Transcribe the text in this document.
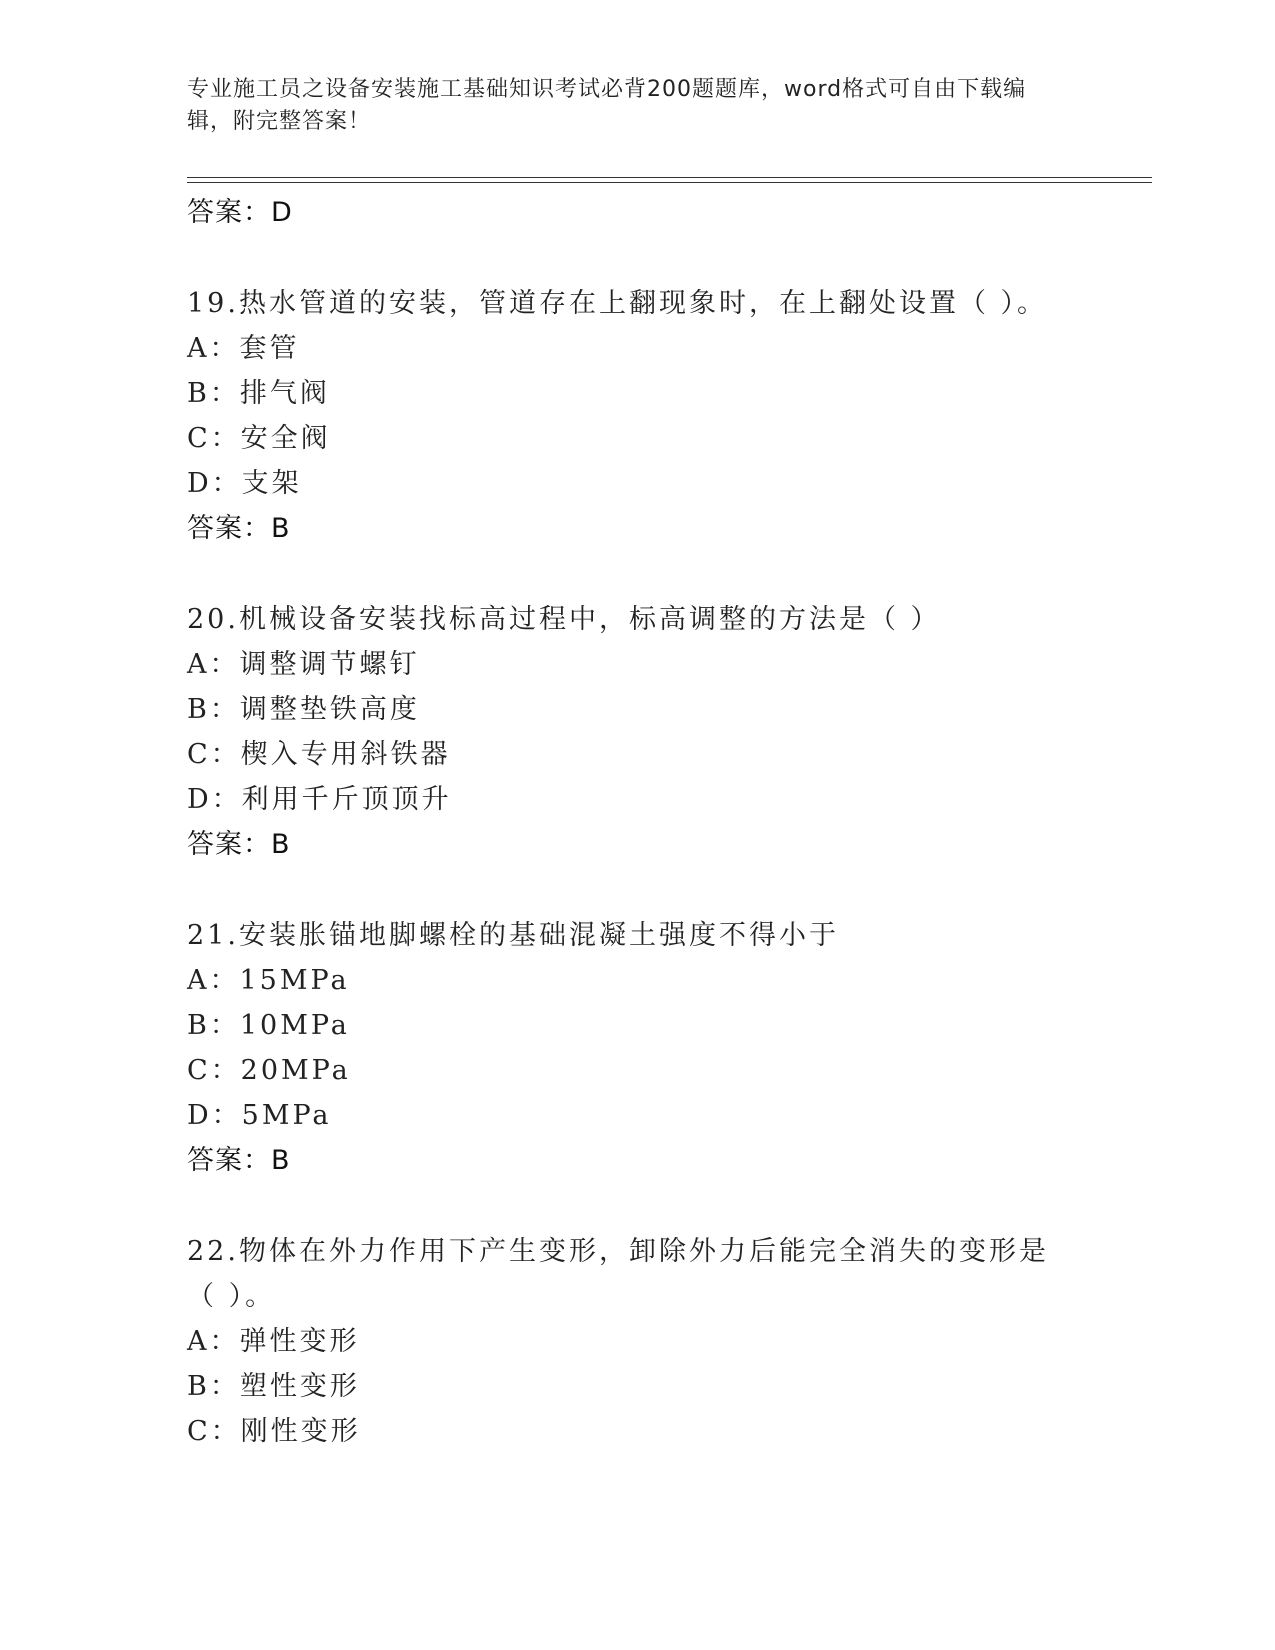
专业施工员之设备安装施工基础知识考试必背200题题库，word格式可自由下载编辑，附完整答案！
答案：D
19.热水管道的安装，管道存在上翻现象时，在上翻处设置（ ）。
A：套管
B：排气阀
C：安全阀
D：支架
答案：B
20.机械设备安装找标高过程中，标高调整的方法是（ ）
A：调整调节螺钉
B：调整垫铁高度
C：楔入专用斜铁器
D：利用千斤顶顶升
答案：B
21.安装胀锚地脚螺栓的基础混凝土强度不得小于
A：15MPa
B：10MPa
C：20MPa
D：5MPa
答案：B
22.物体在外力作用下产生变形，卸除外力后能完全消失的变形是（ ）。
A：弹性变形
B：塑性变形
C：刚性变形
